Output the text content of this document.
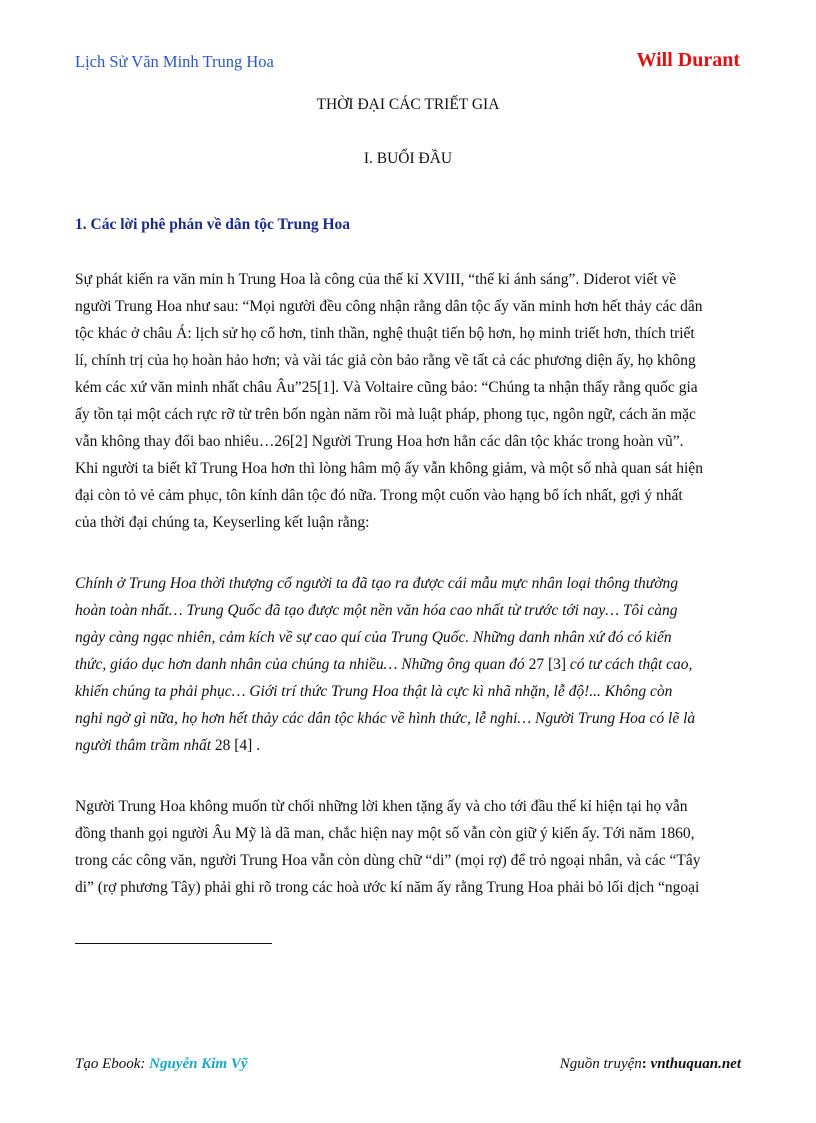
Lịch Sử Văn Minh Trung Hoa	Will Durant
THỜI ĐẠI CÁC TRIẾT GIA
I. BUỔI ĐẦU
1. Các lời phê phán về dân tộc Trung Hoa

Sự phát kiến ra văn min h Trung Hoa là công của thế kỉ XVIII, “thế kỉ ánh sáng”. Diderot viết về
người Trung Hoa như sau: “Mọi người đều công nhận rằng dân tộc ấy văn minh hơn hết thảy các dân
tộc khác ở châu Á: lịch sử họ cổ hơn, tinh thần, nghệ thuật tiến bộ hơn, họ minh triết hơn, thích triết
lí, chính trị của họ hoàn hảo hơn; và vài tác giả còn bảo rằng về tất cả các phương diện ấy, họ không
kém các xứ văn minh nhất châu Âu”25[1]. Và Voltaire cũng bảo: “Chúng ta nhận thấy rằng quốc gia
ấy tồn tại một cách rực rỡ từ trên bốn ngàn năm rồi mà luật pháp, phong tục, ngôn ngữ, cách ăn mặc
vẫn không thay đổi bao nhiêu…26[2] Người Trung Hoa hơn hẳn các dân tộc khác trong hoàn vũ”.
Khi người ta biết kĩ Trung Hoa hơn thì lòng hâm mộ ấy vẫn không giảm, và một số nhà quan sát hiện
đại còn tỏ vẻ cảm phục, tôn kính dân tộc đó nữa. Trong một cuốn vào hạng bổ ích nhất, gợi ý nhất
của thời đại chúng ta, Keyserling kết luận rằng:

Chính ở Trung Hoa thời thượng cổ người ta đã tạo ra được cái mẫu mực nhân loại thông thường
hoàn toàn nhất… Trung Quốc đã tạo được một nền văn hóa cao nhất từ trước tới nay… Tôi càng
ngày càng ngạc nhiên, cảm kích về sự cao quí của Trung Quốc. Những danh nhân xứ đó có kiến
thức, giáo dục hơn danh nhân của chúng ta nhiều… Những ông quan đó 27 [3] có tư cách thật cao,
khiến chúng ta phải phục… Giới trí thức Trung Hoa thật là cực kì nhã nhặn, lễ độ!... Không còn
nghi ngờ gì nữa, họ hơn hết thảy các dân tộc khác về hình thức, lễ nghi… Người Trung Hoa có lẽ là
người thâm trầm nhất 28 [4] .

Người Trung Hoa không muốn từ chối những lời khen tặng ấy và cho tới đầu thế kỉ hiện tại họ vẫn
đồng thanh gọi người Âu Mỹ là dã man, chắc hiện nay một số vẫn còn giữ ý kiến ấy. Tới năm 1860,
trong các công văn, người Trung Hoa vẫn còn dùng chữ “di” (mọi rợ) để trỏ ngoại nhân, và các “Tây
di” (rợ phương Tây) phải ghi rõ trong các hoà ước kí năm ấy rằng Trung Hoa phải bỏ lối dịch “ngoại

Tạo Ebook: Nguyễn Kim Vỹ	Nguồn truyện: vnthuquan.net
